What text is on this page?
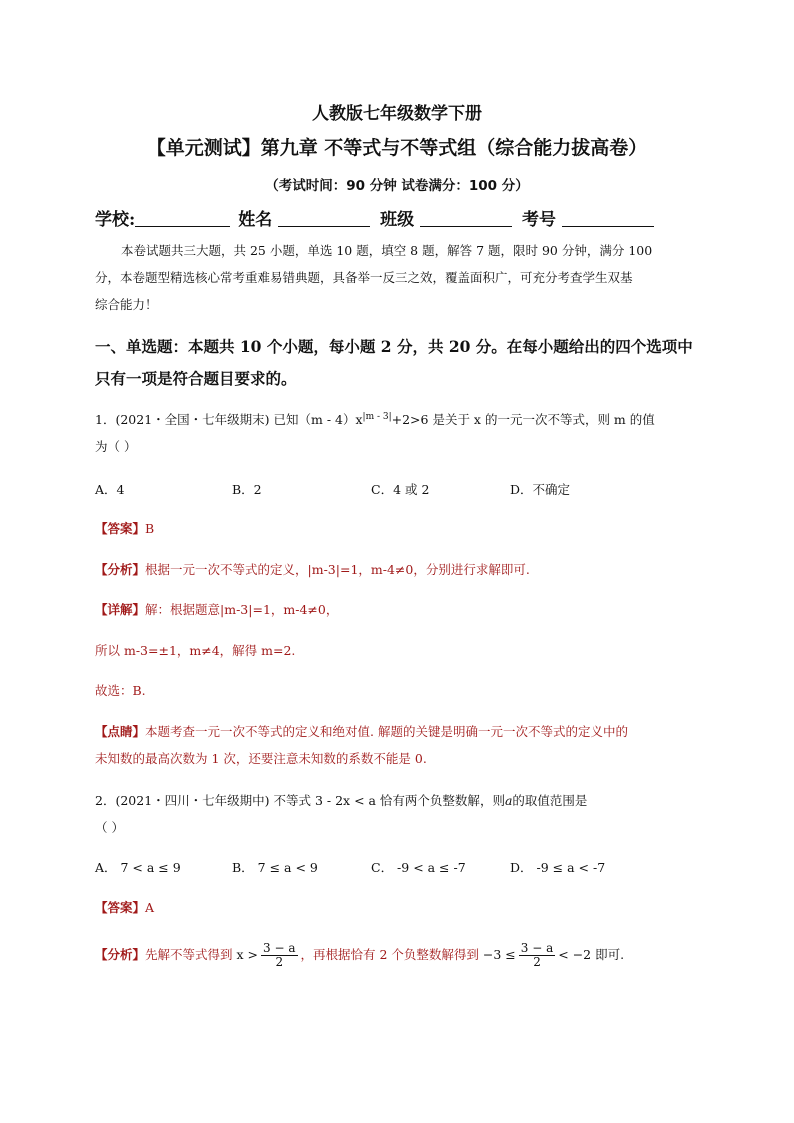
人教版七年级数学下册
【单元测试】第九章 不等式与不等式组（综合能力拔高卷）
（考试时间：90 分钟 试卷满分：100 分）
学校:	姓名	班级	考号
本卷试题共三大题，共 25 小题，单选 10 题，填空 8 题，解答 7 题，限时 90 分钟，满分 100
分，本卷题型精选核心常考重难易错典题，具备举一反三之效，覆盖面积广，可充分考查学生双基
综合能力！
一、单选题：本题共 10 个小题，每小题 2 分，共 20 分。在每小题给出的四个选项中
只有一项是符合题目要求的。
1．(2021・全国・七年级期末) 已知$(m - 4)x^{|m - 3|}+2>6$ 是关于 x 的一元一次不等式，则 m 的值
为（ ）
A．4	B．2	C．4 或 2	D．不确定
【答案】B
【分析】根据一元一次不等式的定义，|m-3|=1，m-4≠0，分别进行求解即可.
【详解】解：根据题意|m-3|=1，m-4≠0，
所以 m-3=±1，m≠4，解得 m=2.
故选：B.
【点睛】本题考查一元一次不等式的定义和绝对值. 解题的关键是明确一元一次不等式的定义中的
未知数的最高次数为 1 次，还要注意未知数的系数不能是 0.
2．(2021・四川・七年级期中) 不等式 3 - 2x < a 恰有两个负整数解，则a的取值范围是
（ ）
A． 7 < a ≤ 9	B． 7 ≤ a < 9	C． -9 < a ≤ -7	D． -9 ≤ a < -7
【答案】A
【分析】先解不等式得到 $x > \frac{3 - a}{2}$ ，再根据恰有 2 个负整数解得到 $-3 \le \frac{3 - a}{2} < -2$ 即可.
